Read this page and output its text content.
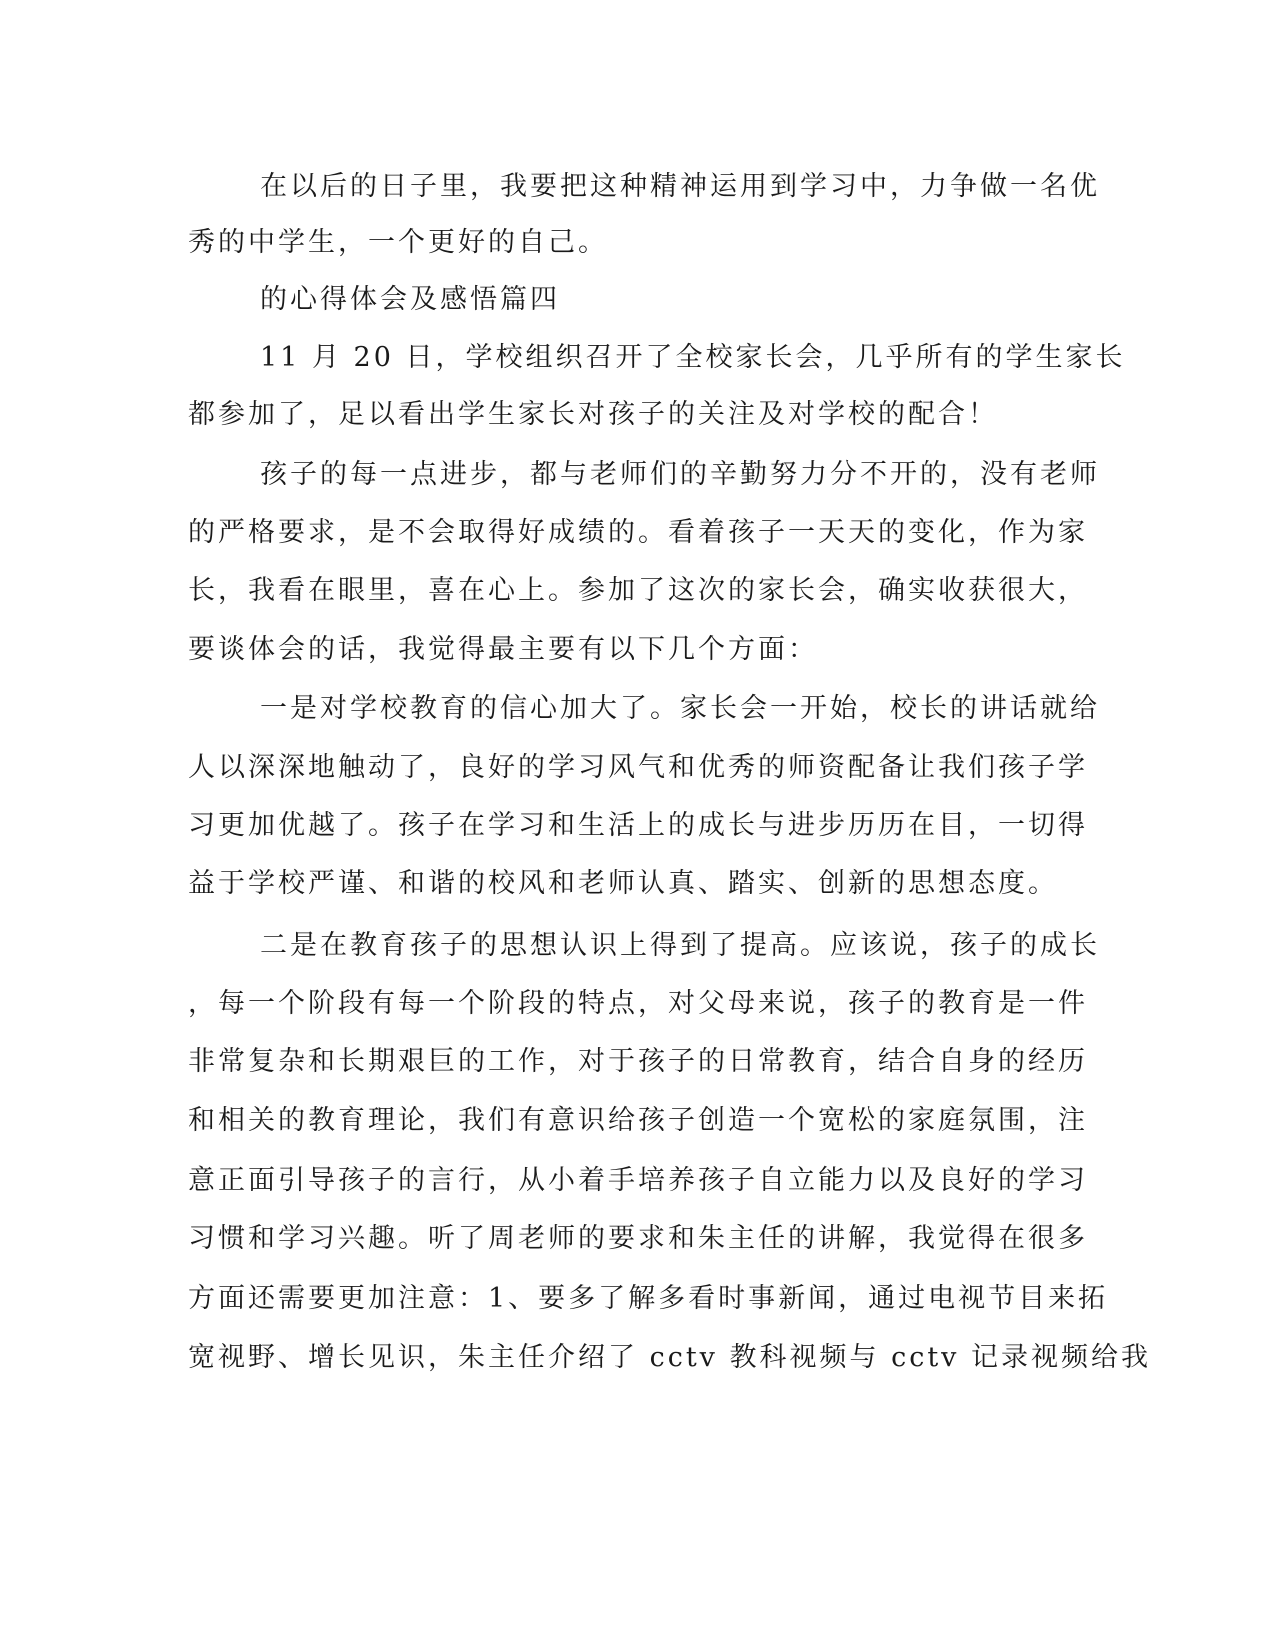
在以后的日子里，我要把这种精神运用到学习中，力争做一名优

秀的中学生，一个更好的自己。

的心得体会及感悟篇四

11 月 20 日，学校组织召开了全校家长会，几乎所有的学生家长

都参加了，足以看出学生家长对孩子的关注及对学校的配合！

孩子的每一点进步，都与老师们的辛勤努力分不开的，没有老师

的严格要求，是不会取得好成绩的。看着孩子一天天的变化，作为家

长，我看在眼里，喜在心上。参加了这次的家长会，确实收获很大，

要谈体会的话，我觉得最主要有以下几个方面：

一是对学校教育的信心加大了。家长会一开始，校长的讲话就给

人以深深地触动了，良好的学习风气和优秀的师资配备让我们孩子学

习更加优越了。孩子在学习和生活上的成长与进步历历在目，一切得

益于学校严谨、和谐的校风和老师认真、踏实、创新的思想态度。

二是在教育孩子的思想认识上得到了提高。应该说，孩子的成长

，每一个阶段有每一个阶段的特点，对父母来说，孩子的教育是一件

非常复杂和长期艰巨的工作，对于孩子的日常教育，结合自身的经历

和相关的教育理论，我们有意识给孩子创造一个宽松的家庭氛围，注

意正面引导孩子的言行，从小着手培养孩子自立能力以及良好的学习

习惯和学习兴趣。听了周老师的要求和朱主任的讲解，我觉得在很多

方面还需要更加注意：1、要多了解多看时事新闻，通过电视节目来拓

宽视野、增长见识，朱主任介绍了 cctv 教科视频与 cctv 记录视频给我
